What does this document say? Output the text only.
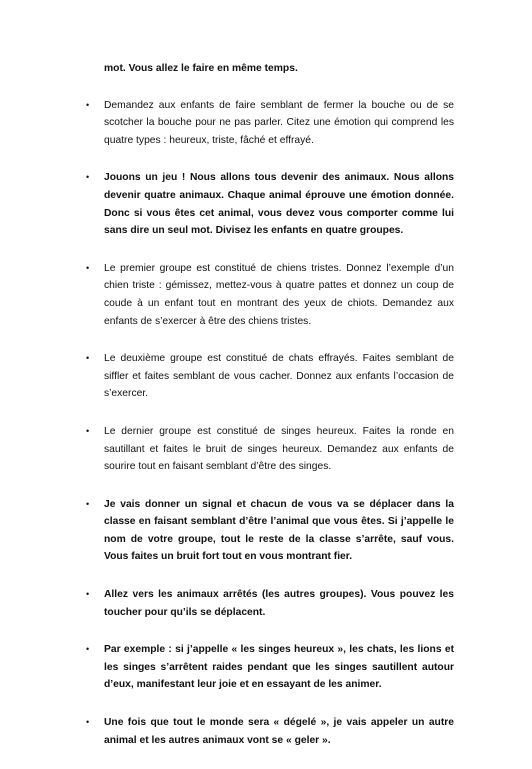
mot. Vous allez le faire en même temps.

• Demandez aux enfants de faire semblant de fermer la bouche ou de se scotcher la bouche pour ne pas parler. Citez une émotion qui comprend les quatre types : heureux, triste, fâché et effrayé.
• Jouons un jeu ! Nous allons tous devenir des animaux. Nous allons devenir quatre animaux. Chaque animal éprouve une émotion donnée. Donc si vous êtes cet animal, vous devez vous comporter comme lui sans dire un seul mot. Divisez les enfants en quatre groupes.
• Le premier groupe est constitué de chiens tristes. Donnez l’exemple d’un chien triste : gémissez, mettez-vous à quatre pattes et donnez un coup de coude à un enfant tout en montrant des yeux de chiots. Demandez aux enfants de s’exercer à être des chiens tristes.
• Le deuxième groupe est constitué de chats effrayés. Faites semblant de siffler et faites semblant de vous cacher. Donnez aux enfants l’occasion de s’exercer.
• Le dernier groupe est constitué de singes heureux. Faites la ronde en sautillant et faites le bruit de singes heureux. Demandez aux enfants de sourire tout en faisant semblant d’être des singes.
• Je vais donner un signal et chacun de vous va se déplacer dans la classe en faisant semblant d’être l’animal que vous êtes. Si j’appelle le nom de votre groupe, tout le reste de la classe s’arrête, sauf vous. Vous faites un bruit fort tout en vous montrant fier.
• Allez vers les animaux arrêtés (les autres groupes). Vous pouvez les toucher pour qu’ils se déplacent.
• Par exemple : si j’appelle « les singes heureux », les chats, les lions et les singes s’arrêtent raides pendant que les singes sautillent autour d’eux, manifestant leur joie et en essayant de les animer.
• Une fois que tout le monde sera « dégelé », je vais appeler un autre animal et les autres animaux vont se « geler ».
